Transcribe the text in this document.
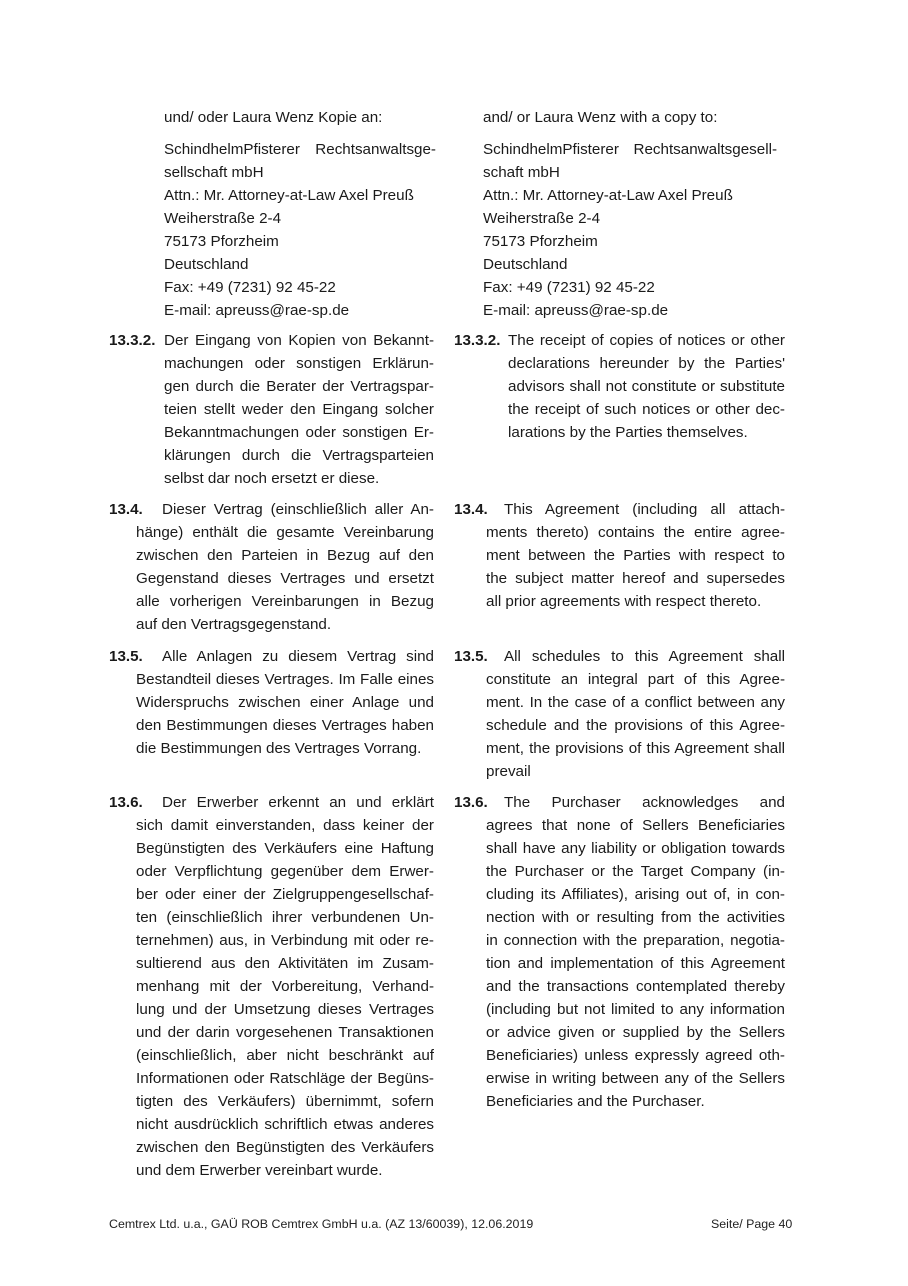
und/ oder Laura Wenz Kopie an:
SchindhelmPfisterer Rechtsanwaltsge-
sellschaft mbH
Attn.: Mr. Attorney-at-Law Axel Preuß
Weiherstraße 2-4
75173 Pforzheim
Deutschland
Fax: +49 (7231) 92 45-22
E-mail: apreuss@rae-sp.de
and/ or Laura Wenz with a copy to:
SchindhelmPfisterer Rechtsanwaltsgesell-
schaft mbH
Attn.: Mr. Attorney-at-Law Axel Preuß
Weiherstraße 2-4
75173 Pforzheim
Deutschland
Fax: +49 (7231) 92 45-22
E-mail: apreuss@rae-sp.de
13.3.2. Der Eingang von Kopien von Bekannt-
machungen oder sonstigen Erklärun-
gen durch die Berater der Vertragspar-
teien stellt weder den Eingang solcher
Bekanntmachungen oder sonstigen Er-
klärungen durch die Vertragsparteien
selbst dar noch ersetzt er diese.
13.3.2. The receipt of copies of notices or other
declarations hereunder by the Parties'
advisors shall not constitute or substitute
the receipt of such notices or other dec-
larations by the Parties themselves.
13.4.	Dieser Vertrag (einschließlich aller An-
hänge) enthält die gesamte Vereinbarung
zwischen den Parteien in Bezug auf den
Gegenstand dieses Vertrages und ersetzt
alle vorherigen Vereinbarungen in Bezug
auf den Vertragsgegenstand.
13.4.	This Agreement (including all attach-
ments thereto) contains the entire agree-
ment between the Parties with respect to
the subject matter hereof and supersedes
all prior agreements with respect thereto.
13.5.	Alle Anlagen zu diesem Vertrag sind
Bestandteil dieses Vertrages. Im Falle eines
Widerspruchs zwischen einer Anlage und
den Bestimmungen dieses Vertrages haben
die Bestimmungen des Vertrages Vorrang.
13.5.	All schedules to this Agreement shall
constitute an integral part of this Agree-
ment. In the case of a conflict between any
schedule and the provisions of this Agree-
ment, the provisions of this Agreement shall
prevail
13.6.	Der Erwerber erkennt an und erklärt
sich damit einverstanden, dass keiner der
Begünstigten des Verkäufers eine Haftung
oder Verpflichtung gegenüber dem Erwer-
ber oder einer der Zielgruppengesellschaf-
ten (einschließlich ihrer verbundenen Un-
ternehmen) aus, in Verbindung mit oder re-
sultierend aus den Aktivitäten im Zusam-
menhang mit der Vorbereitung, Verhand-
lung und der Umsetzung dieses Vertrages
und der darin vorgesehenen Transaktionen
(einschließlich, aber nicht beschränkt auf
Informationen oder Ratschläge der Begüns-
tigten des Verkäufers) übernimmt, sofern
nicht ausdrücklich schriftlich etwas anderes
zwischen den Begünstigten des Verkäufers
und dem Erwerber vereinbart wurde.
13.6.	The Purchaser acknowledges and
agrees that none of Sellers Beneficiaries
shall have any liability or obligation towards
the Purchaser or the Target Company (in-
cluding its Affiliates), arising out of, in con-
nection with or resulting from the activities
in connection with the preparation, negotia-
tion and implementation of this Agreement
and the transactions contemplated thereby
(including but not limited to any information
or advice given or supplied by the Sellers
Beneficiaries) unless expressly agreed oth-
erwise in writing between any of the Sellers
Beneficiaries and the Purchaser.
Cemtrex Ltd. u.a., GAÜ ROB Cemtrex GmbH u.a. (AZ 13/60039), 12.06.2019	Seite/ Page 40
